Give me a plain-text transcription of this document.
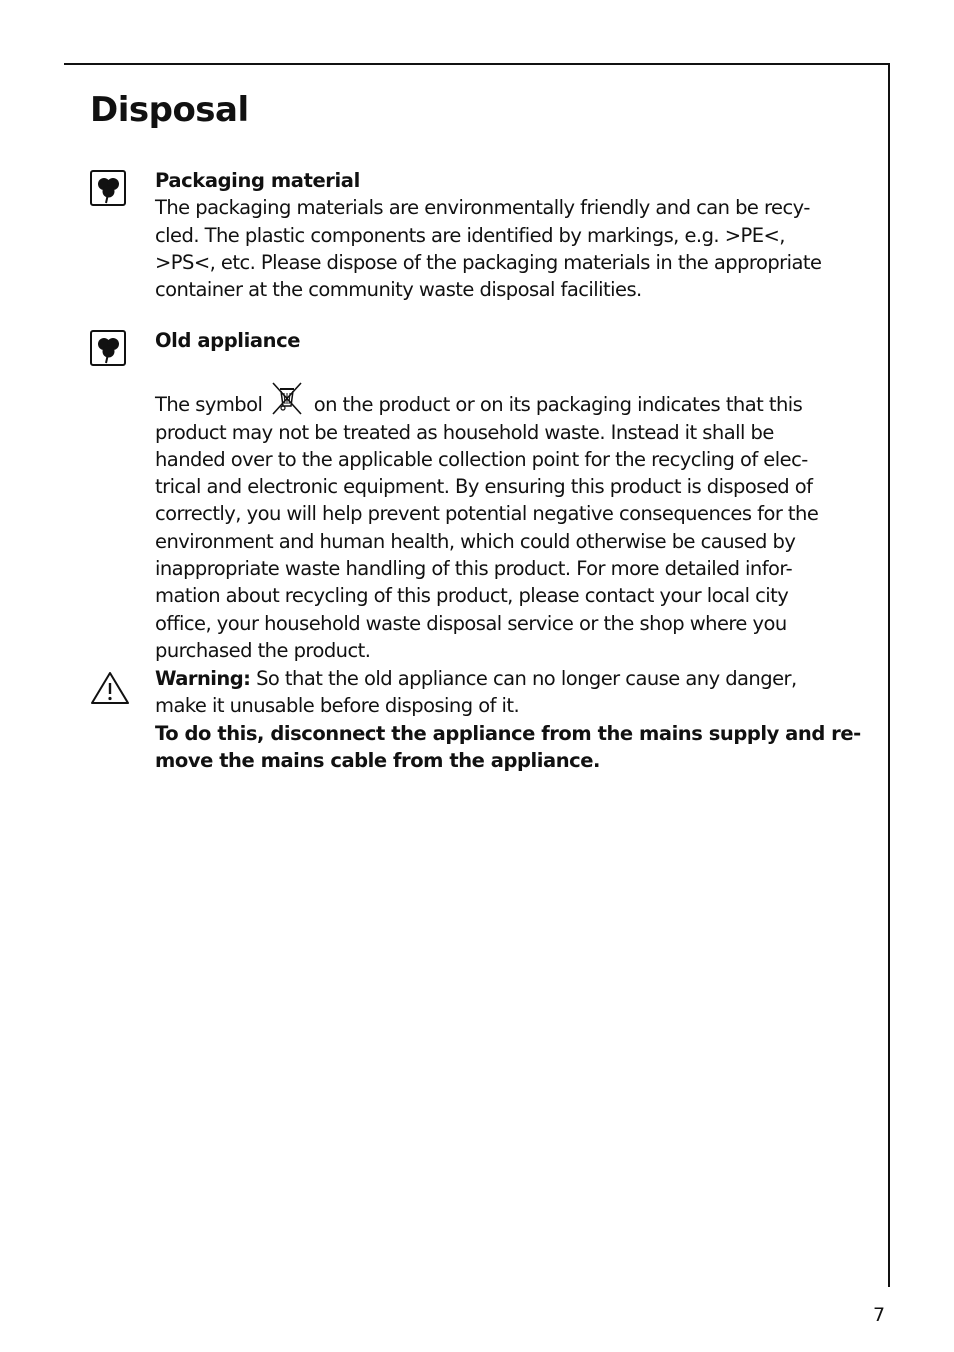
Disposal

Packaging material

The packaging materials are environmentally friendly and can be recy-
cled. The plastic components are identified by markings, e.g. >PE<,
>PS<, etc. Please dispose of the packaging materials in the appropriate
container at the community waste disposal facilities.

Old appliance

The symbol	on the product or on its packaging indicates that this

product may not be treated as household waste. Instead it shall be
handed over to the applicable collection point for the recycling of elec-
trical and electronic equipment. By ensuring this product is disposed of
correctly, you will help prevent potential negative consequences for the
environment and human health, which could otherwise be caused by
inappropriate waste handling of this product. For more detailed infor-
mation about recycling of this product, please contact your local city
office, your household waste disposal service or the shop where you
purchased the product.

Warning: So that the old appliance can no longer cause any danger,
make it unusable before disposing of it.

To do this, disconnect the appliance from the mains supply and re-
move the mains cable from the appliance.

7
